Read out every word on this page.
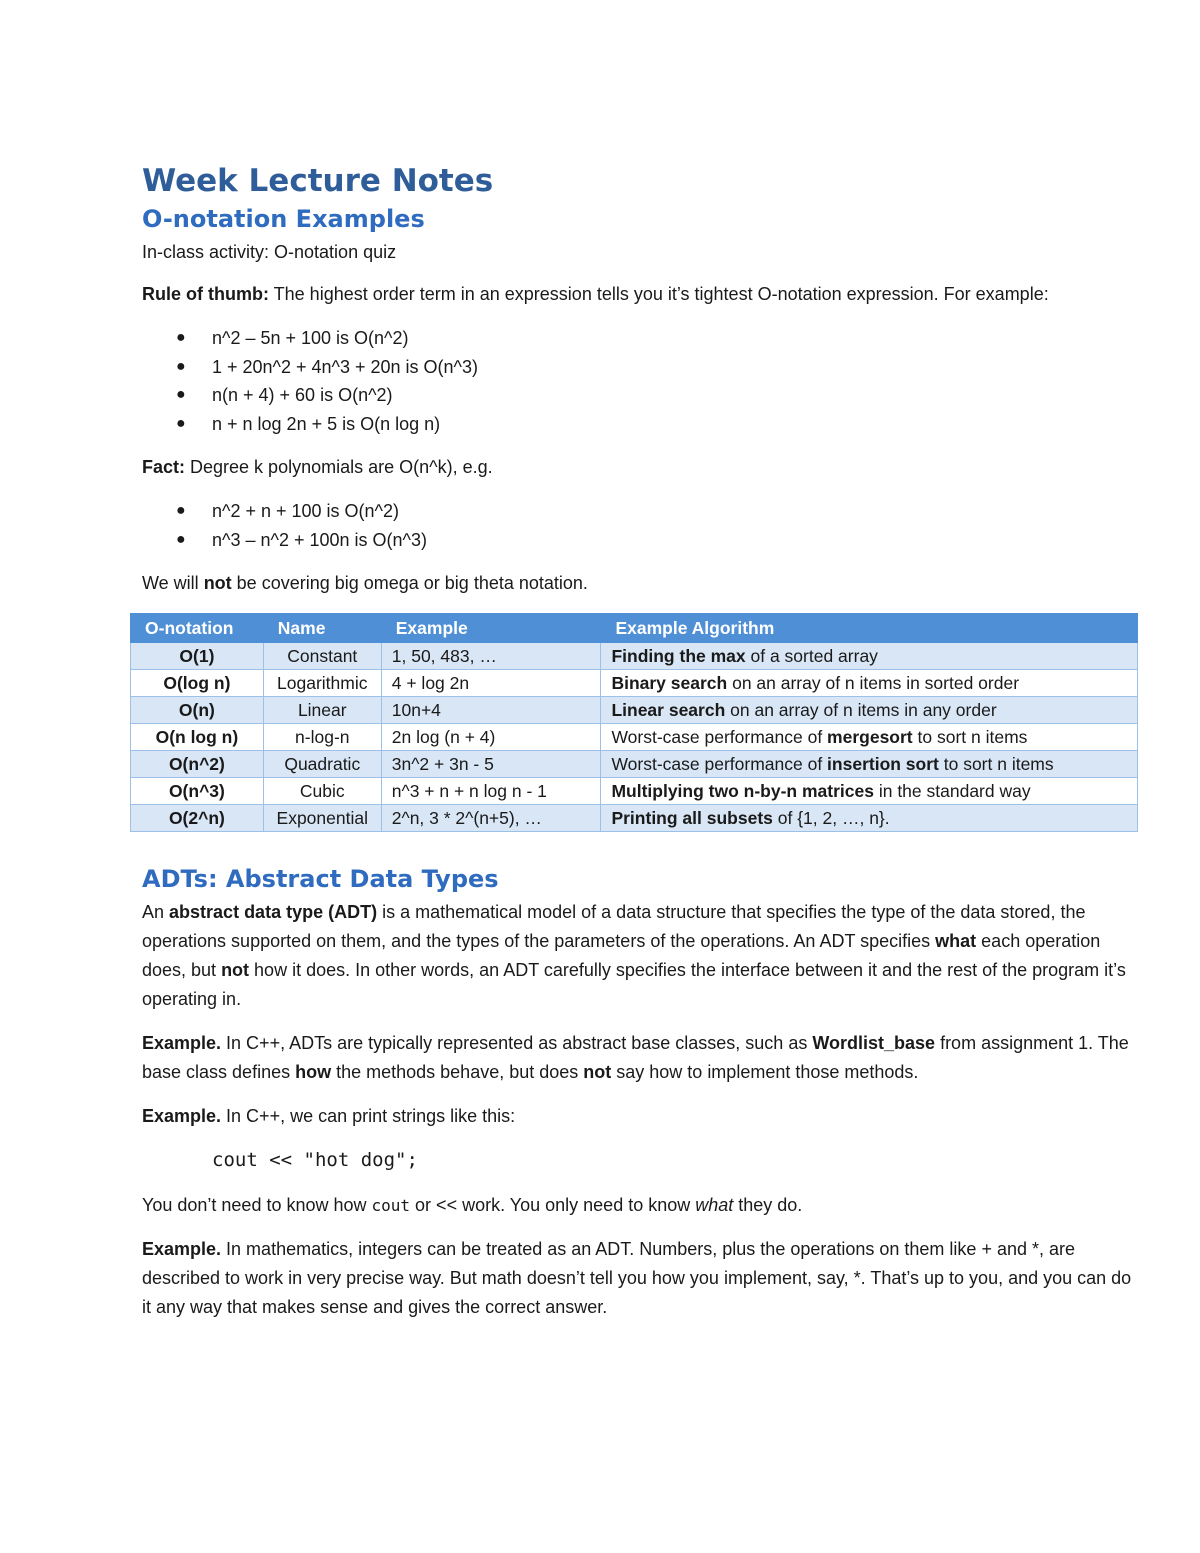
Week Lecture Notes
O-notation Examples

In-class activity: O-notation quiz

Rule of thumb: The highest order term in an expression tells you it’s tightest O-notation expression. For example:

● n^2 – 5n + 100 is O(n^2)
● 1 + 20n^2 + 4n^3 + 20n is O(n^3)
● n(n + 4) + 60 is O(n^2)
● n + n log 2n + 5 is O(n log n)

Fact: Degree k polynomials are O(n^k), e.g.

● n^2 + n + 100 is O(n^2)
● n^3 – n^2 + 100n is O(n^3)

We will not be covering big omega or big theta notation.

O-notation	Name	Example	Example Algorithm
O(1)	Constant	1, 50, 483, …	Finding the max of a sorted array
O(log n)	Logarithmic	4 + log 2n	Binary search on an array of n items in sorted order
O(n)	Linear	10n+4	Linear search on an array of n items in any order
O(n log n)	n-log-n	2n log (n + 4)	Worst-case performance of mergesort to sort n items
O(n^2)	Quadratic	3n^2 + 3n - 5	Worst-case performance of insertion sort to sort n items
O(n^3)	Cubic	n^3 + n + n log n - 1	Multiplying two n-by-n matrices in the standard way
O(2^n)	Exponential	2^n, 3 * 2^(n+5), …	Printing all subsets of {1, 2, …, n}.
ADTs: Abstract Data Types

An abstract data type (ADT) is a mathematical model of a data structure that specifies the type of the data stored, the operations supported on them, and the types of the parameters of the operations. An ADT specifies what each operation does, but not how it does. In other words, an ADT carefully specifies the interface between it and the rest of the program it’s operating in.

Example. In C++, ADTs are typically represented as abstract base classes, such as Wordlist_base from assignment 1. The base class defines how the methods behave, but does not say how to implement those methods.

Example. In C++, we can print strings like this:

cout << "hot dog";

You don’t need to know how cout or << work. You only need to know what they do.

Example. In mathematics, integers can be treated as an ADT. Numbers, plus the operations on them like + and *, are described to work in very precise way. But math doesn’t tell you how you implement, say, *. That’s up to you, and you can do it any way that makes sense and gives the correct answer.
